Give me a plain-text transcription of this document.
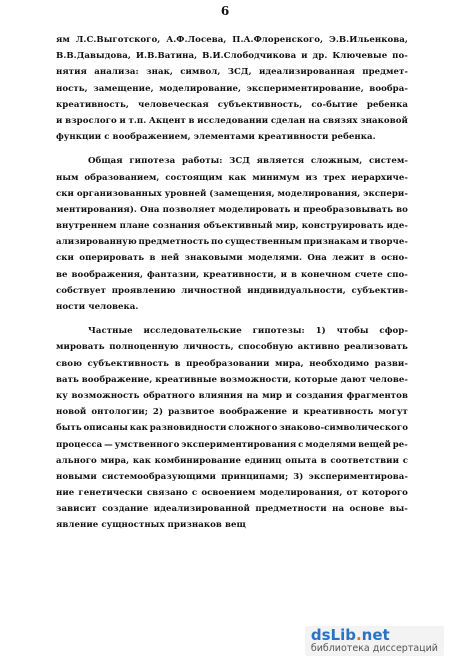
6
ям Л.С.Выготского, А.Ф.Лосева, П.А.Флоренского, Э.В.Ильенкова,
В.В.Давыдова, И.В.Ватина, В.И.Слободчикова и др. Ключевые по-
нятия анализа: знак, символ, ЗСД, идеализированная предмет-
ность, замещение, моделирование, экспериментирование, вообра-
креативность, человеческая субъективность, со-бытие ребенка
и взрослого и т.п. Акцент в исследовании сделан на связях знаковой
функции с воображением, элементами креативности ребенка.
Общая гипотеза работы: ЗСД является сложным, систем-
ным образованием, состоящим как минимум из трех иерархиче-
ски организованных уровней (замещения, моделирования, экспери-
ментирования). Она позволяет моделировать и преобразовывать во
внутреннем плане сознания объективный мир, конструировать иде-
ализированную предметность по существенным признакам и творче-
ски оперировать в ней знаковыми моделями. Она лежит в осно-
ве воображения, фантазии, креативности, и в конечном счете спо-
собствует проявлению личностной индивидуальности, субъектив-
ности человека.
Частные исследовательские гипотезы: 1) чтобы сфор-
мировать полноценную личность, способную активно реализовать
свою субъективность в преобразовании мира, необходимо разви-
вать воображение, креативные возможности, которые дают челове-
ку возможность обратного влияния на мир и создания фрагментов
новой онтологии; 2) развитое воображение и креативность могут
быть описаны как разновидности сложного знаково-символического
процесса — умственного экспериментирования с моделями вещей ре-
ального мира, как комбинирование единиц опыта в соответствии с
новыми системообразующими принципами; 3) экспериментирова-
ние генетически связано с освоением моделирования, от которого
зависит создание идеализированной предметности на основе вы-
явление сущностных признаков вещ
dsLib.net
библиотека диссертаций
